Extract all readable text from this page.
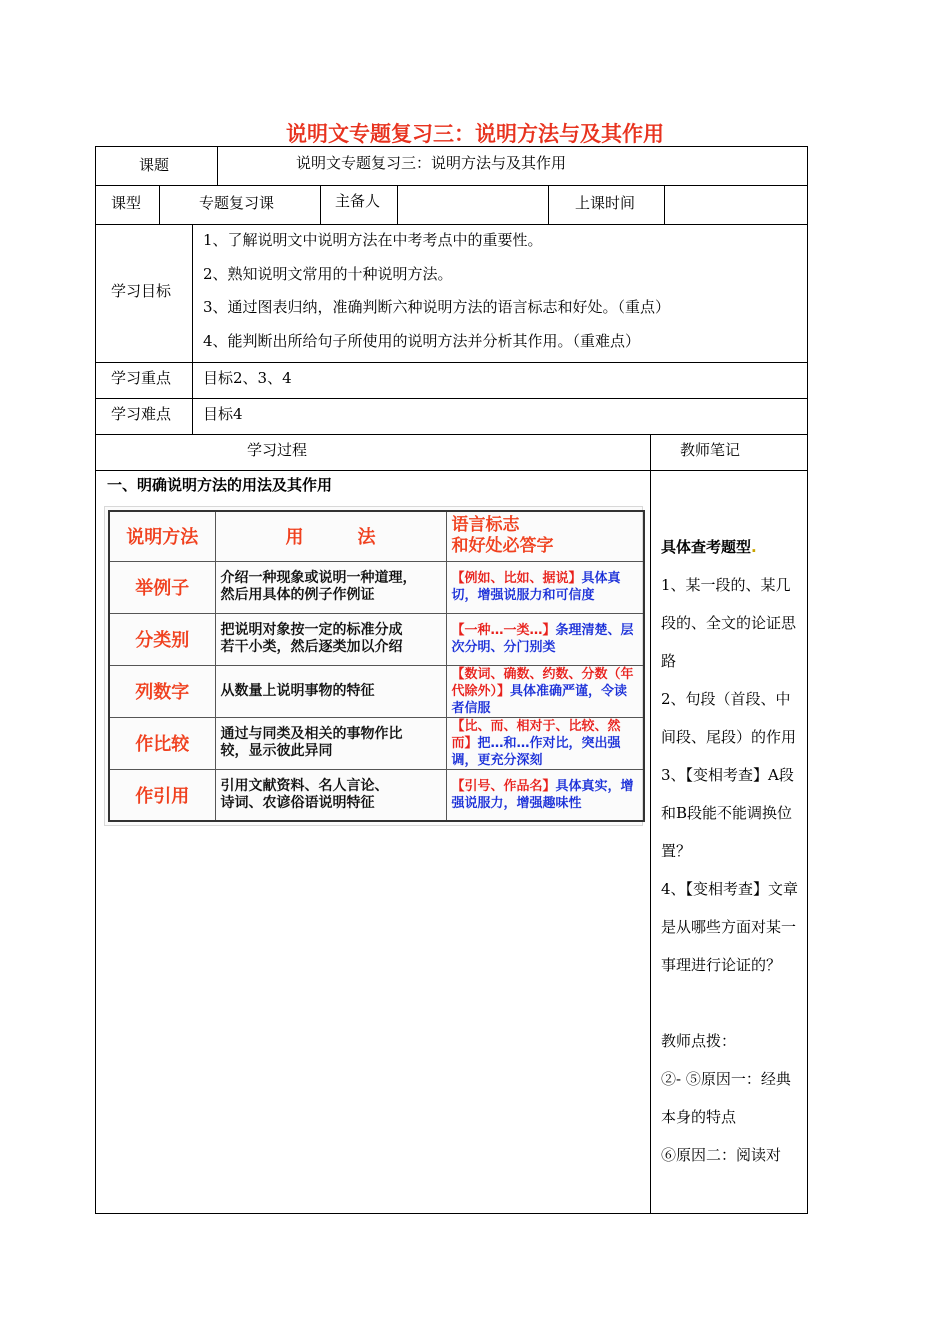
说明文专题复习三：说明方法与及其作用
课题	说明文专题复习三：说明方法与及其作用
课型	专题复习课	主备人	上课时间
学习目标
1、了解说明文中说明方法在中考考点中的重要性。
2、熟知说明文常用的十种说明方法。
3、通过图表归纳，准确判断六种说明方法的语言标志和好处。（重点）
4、能判断出所给句子所使用的说明方法并分析其作用。（重难点）
学习重点 目标2、3、4
学习难点 目标4
学习过程	教师笔记
一、明确说明方法的用法及其作用
说明方法	用　　　法	语言标志
和好处必答字

举例子	介绍一种现象或说明一种道理，
然后用具体的例子作例证	【例如、比如、据说】具体真切，增强说服力和可信度
分类别	把说明对象按一定的标准分成
若干小类，然后逐类加以介绍	【一种…一类…】条理清楚、层次分明、分门别类
列数字	从数量上说明事物的特征	【数词、确数、约数、分数（年代除外）】具体准确严谨，令读者信服
作比较	通过与同类及相关的事物作比
较，显示彼此异同	【比、而、相对于、比较、然而】把…和…作对比，突出强调，更充分深刻
作引用	引用文献资料、名人言论、
诗词、农谚俗语说明特征	【引号、作品名】具体真实，增强说服力，增强趣味性

具体查考题型.

1、某一段的、某几段的、全文的论证思路

2、句段（首段、中间段、尾段）的作用

3、【变相考查】A段和B段能不能调换位置？

4、【变相考查】文章是从哪些方面对某一事理进行论证的？

教师点拨：

②- ⑤原因一：经典本身的特点

⑥原因二：阅读对
